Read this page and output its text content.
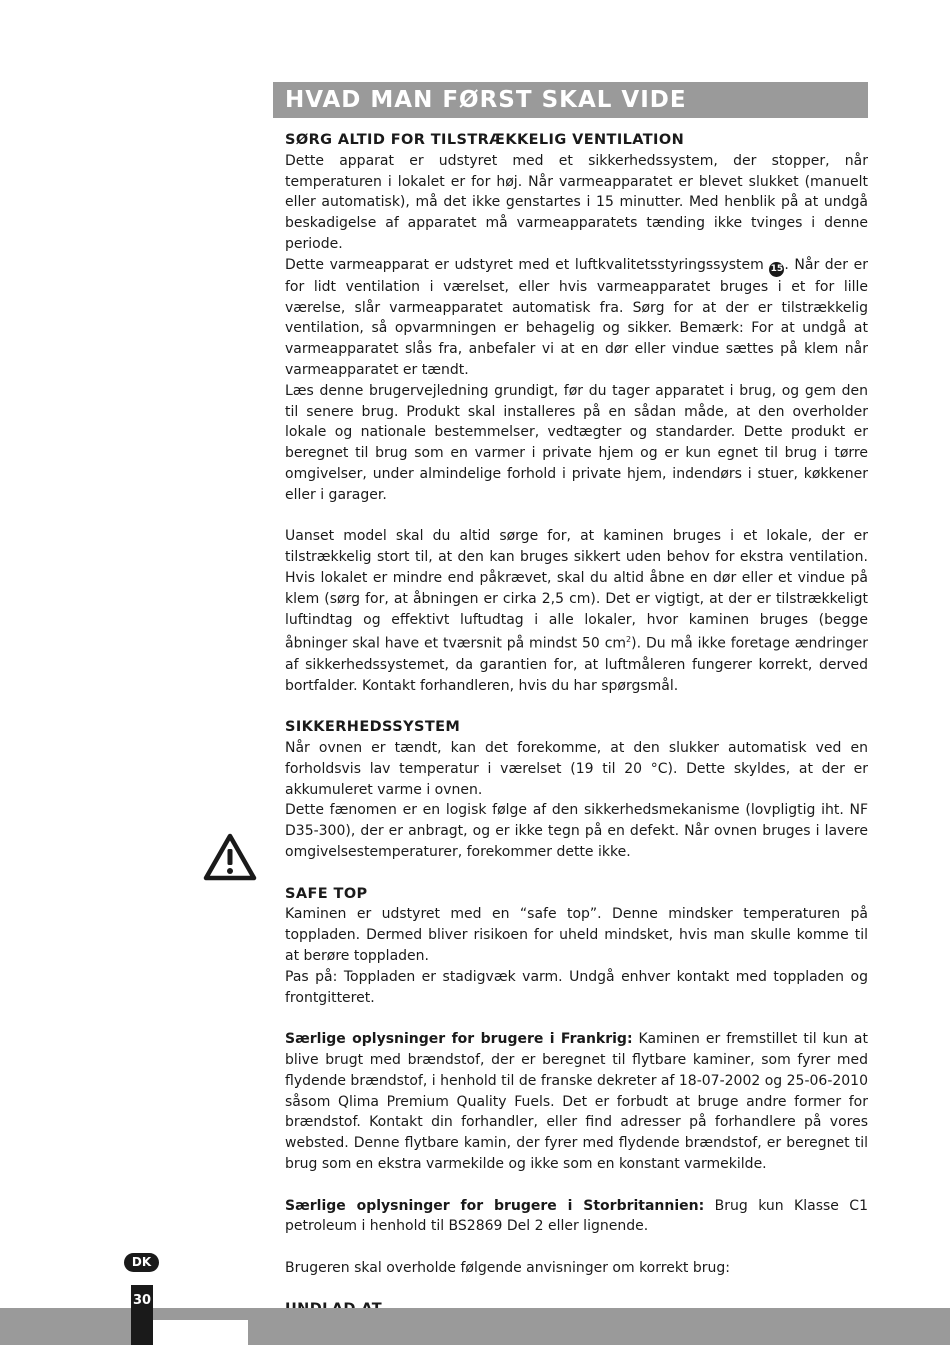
HVAD MAN FØRST SKAL VIDE

SØRG ALTID FOR TILSTRÆKKELIG VENTILATION

Dette apparat er udstyret med et sikkerhedssystem, der stopper, når temperaturen i lokalet er for høj. Når varmeapparatet er blevet slukket (manuelt eller automatisk), må det ikke genstartes i 15 minutter. Med henblik på at undgå beskadigelse af apparatet må varmeapparatets tænding ikke tvinges i denne periode.

Dette varmeapparat er udstyret med et luftkvalitetsstyringssystem 15. Når der er for lidt ventilation i værelset, eller hvis varmeapparatet bruges i et for lille værelse, slår varmeapparatet automatisk fra. Sørg for at der er tilstrækkelig ventilation, så opvarmningen er behagelig og sikker. Bemærk: For at undgå at varmeapparatet slås fra, anbefaler vi at en dør eller vindue sættes på klem når varmeapparatet er tændt.

Læs denne brugervejledning grundigt, før du tager apparatet i brug, og gem den til senere brug. Produkt skal installeres på en sådan måde, at den overholder lokale og nationale bestemmelser, vedtægter og standarder. Dette produkt er beregnet til brug som en varmer i private hjem og er kun egnet til brug i tørre omgivelser, under almindelige forhold i private hjem, indendørs i stuer, køkkener eller i garager.

Uanset model skal du altid sørge for, at kaminen bruges i et lokale, der er tilstrækkelig stort til, at den kan bruges sikkert uden behov for ekstra ventilation. Hvis lokalet er mindre end påkrævet, skal du altid åbne en dør eller et vindue på klem (sørg for, at åbningen er cirka 2,5 cm). Det er vigtigt, at der er tilstrækkeligt luftindtag og effektivt luftudtag i alle lokaler, hvor kaminen bruges (begge åbninger skal have et tværsnit på mindst 50 $cm^2$). Du må ikke foretage ændringer af sikkerhedssystemet, da garantien for, at luftmåleren fungerer korrekt, derved bortfalder. Kontakt forhandleren, hvis du har spørgsmål.

SIKKERHEDSSYSTEM

Når ovnen er tændt, kan det forekomme, at den slukker automatisk ved en forholdsvis lav temperatur i værelset (19 til 20 °C). Dette skyldes, at der er akkumuleret varme i ovnen.

Dette fænomen er en logisk følge af den sikkerhedsmekanisme (lovpligtig iht. NF D35-300), der er anbragt, og er ikke tegn på en defekt. Når ovnen bruges i lavere omgivelsestemperaturer, forekommer dette ikke.

SAFE TOP

Kaminen er udstyret med en “safe top”. Denne mindsker temperaturen på toppladen. Dermed bliver risikoen for uheld mindsket, hvis man skulle komme til at berøre toppladen.

Pas på: Toppladen er stadigvæk varm. Undgå enhver kontakt med toppladen og frontgitteret.

Særlige oplysninger for brugere i Frankrig: Kaminen er fremstillet til kun at blive brugt med brændstof, der er beregnet til flytbare kaminer, som fyrer med flydende brændstof, i henhold til de franske dekreter af 18-07-2002 og 25-06-2010 såsom Qlima Premium Quality Fuels. Det er forbudt at bruge andre former for brændstof. Kontakt din forhandler, eller find adresser på forhandlere på vores websted. Denne flytbare kamin, der fyrer med flydende brændstof, er beregnet til brug som en ekstra varmekilde og ikke som en konstant varmekilde.

Særlige oplysninger for brugere i Storbritannien: Brug kun Klasse C1 petroleum i henhold til BS2869 Del 2 eller lignende.

Brugeren skal overholde følgende anvisninger om korrekt brug:

DK
30
